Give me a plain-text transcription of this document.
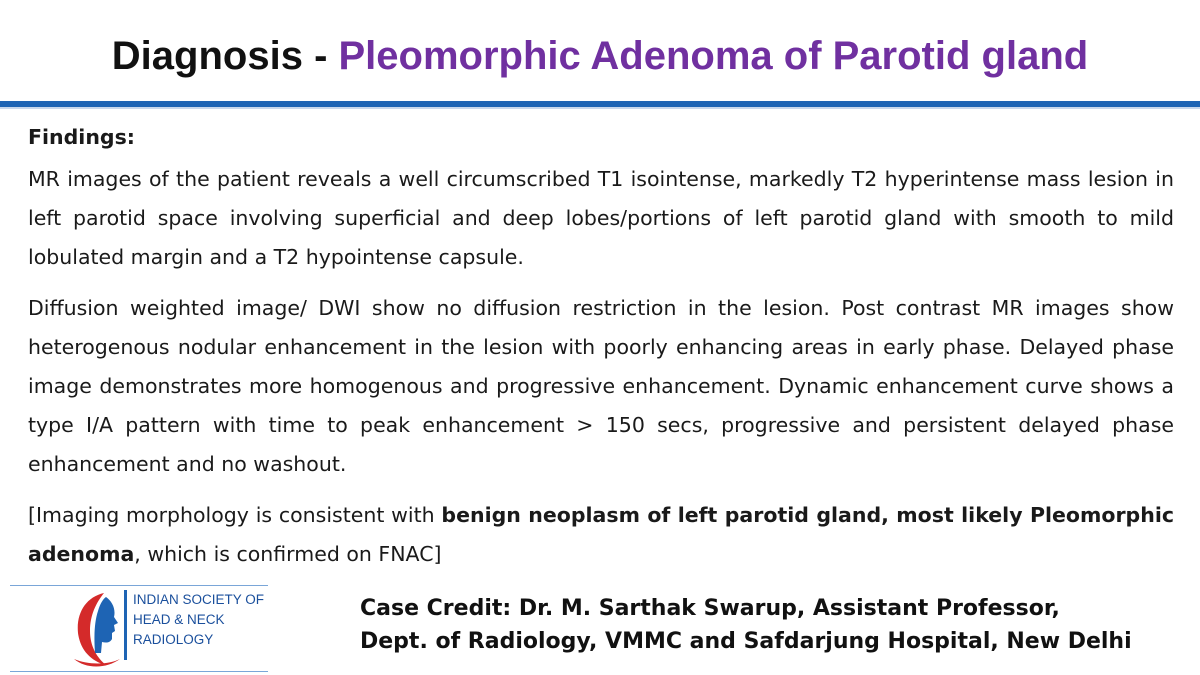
Diagnosis - Pleomorphic Adenoma of Parotid gland

Findings:

MR images of the patient reveals a well circumscribed T1 isointense, markedly T2 hyperintense mass lesion in left parotid space involving superficial and deep lobes/portions of left parotid gland with smooth to mild lobulated margin and a T2 hypointense capsule.

Diffusion weighted image/ DWI show no diffusion restriction in the lesion. Post contrast MR images show heterogenous nodular enhancement in the lesion with poorly enhancing areas in early phase. Delayed phase image demonstrates more homogenous and progressive enhancement. Dynamic enhancement curve shows a type I/A pattern with time to peak enhancement > 150 secs, progressive and persistent delayed phase enhancement and no washout.

[Imaging morphology is consistent with benign neoplasm of left parotid gland, most likely Pleomorphic adenoma, which is confirmed on FNAC]

INDIAN SOCIETY OF
HEAD & NECK
RADIOLOGY
Case Credit: Dr. M. Sarthak Swarup, Assistant Professor,
Dept. of Radiology, VMMC and Safdarjung Hospital, New Delhi
